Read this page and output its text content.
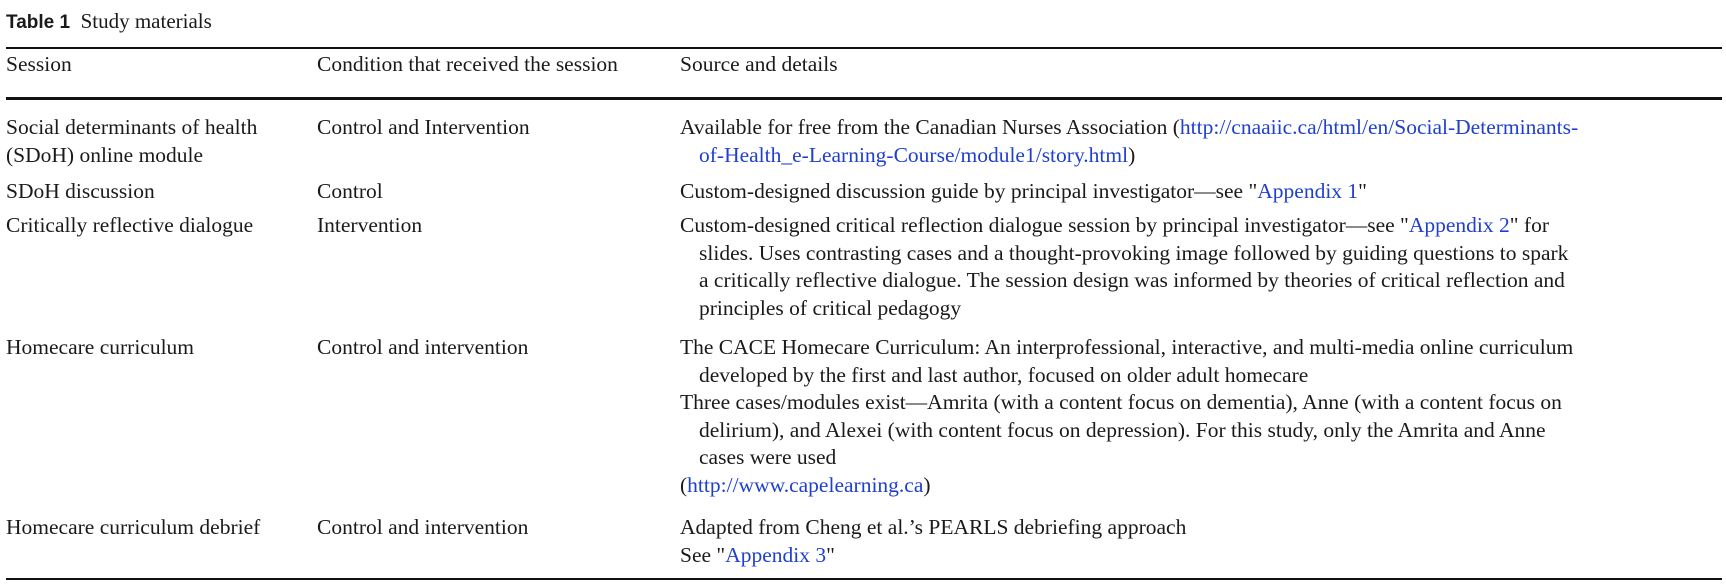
Table 1 Study materials
Session	Condition that received the session	Source and details
Social determinants of health
(SDoH) online module
Control and Intervention	Available for free from the Canadian Nurses Association (http://cnaaiic.ca/html/en/Social-Determinants-
of-Health_e-Learning-Course/module1/story.html)
SDoH discussion	Control	Custom-designed discussion guide by principal investigator—see "Appendix 1"
Critically reflective dialogue	Intervention	Custom-designed critical reflection dialogue session by principal investigator—see "Appendix 2" for
slides. Uses contrasting cases and a thought-provoking image followed by guiding questions to spark
a critically reflective dialogue. The session design was informed by theories of critical reflection and
principles of critical pedagogy
Homecare curriculum	Control and intervention	The CACE Homecare Curriculum: An interprofessional, interactive, and multi-media online curriculum
developed by the first and last author, focused on older adult homecare
Three cases/modules exist—Amrita (with a content focus on dementia), Anne (with a content focus on
delirium), and Alexei (with content focus on depression). For this study, only the Amrita and Anne
cases were used
(http://www.capelearning.ca)
Homecare curriculum debrief	Control and intervention	Adapted from Cheng et al.’s PEARLS debriefing approach
See "Appendix 3"
